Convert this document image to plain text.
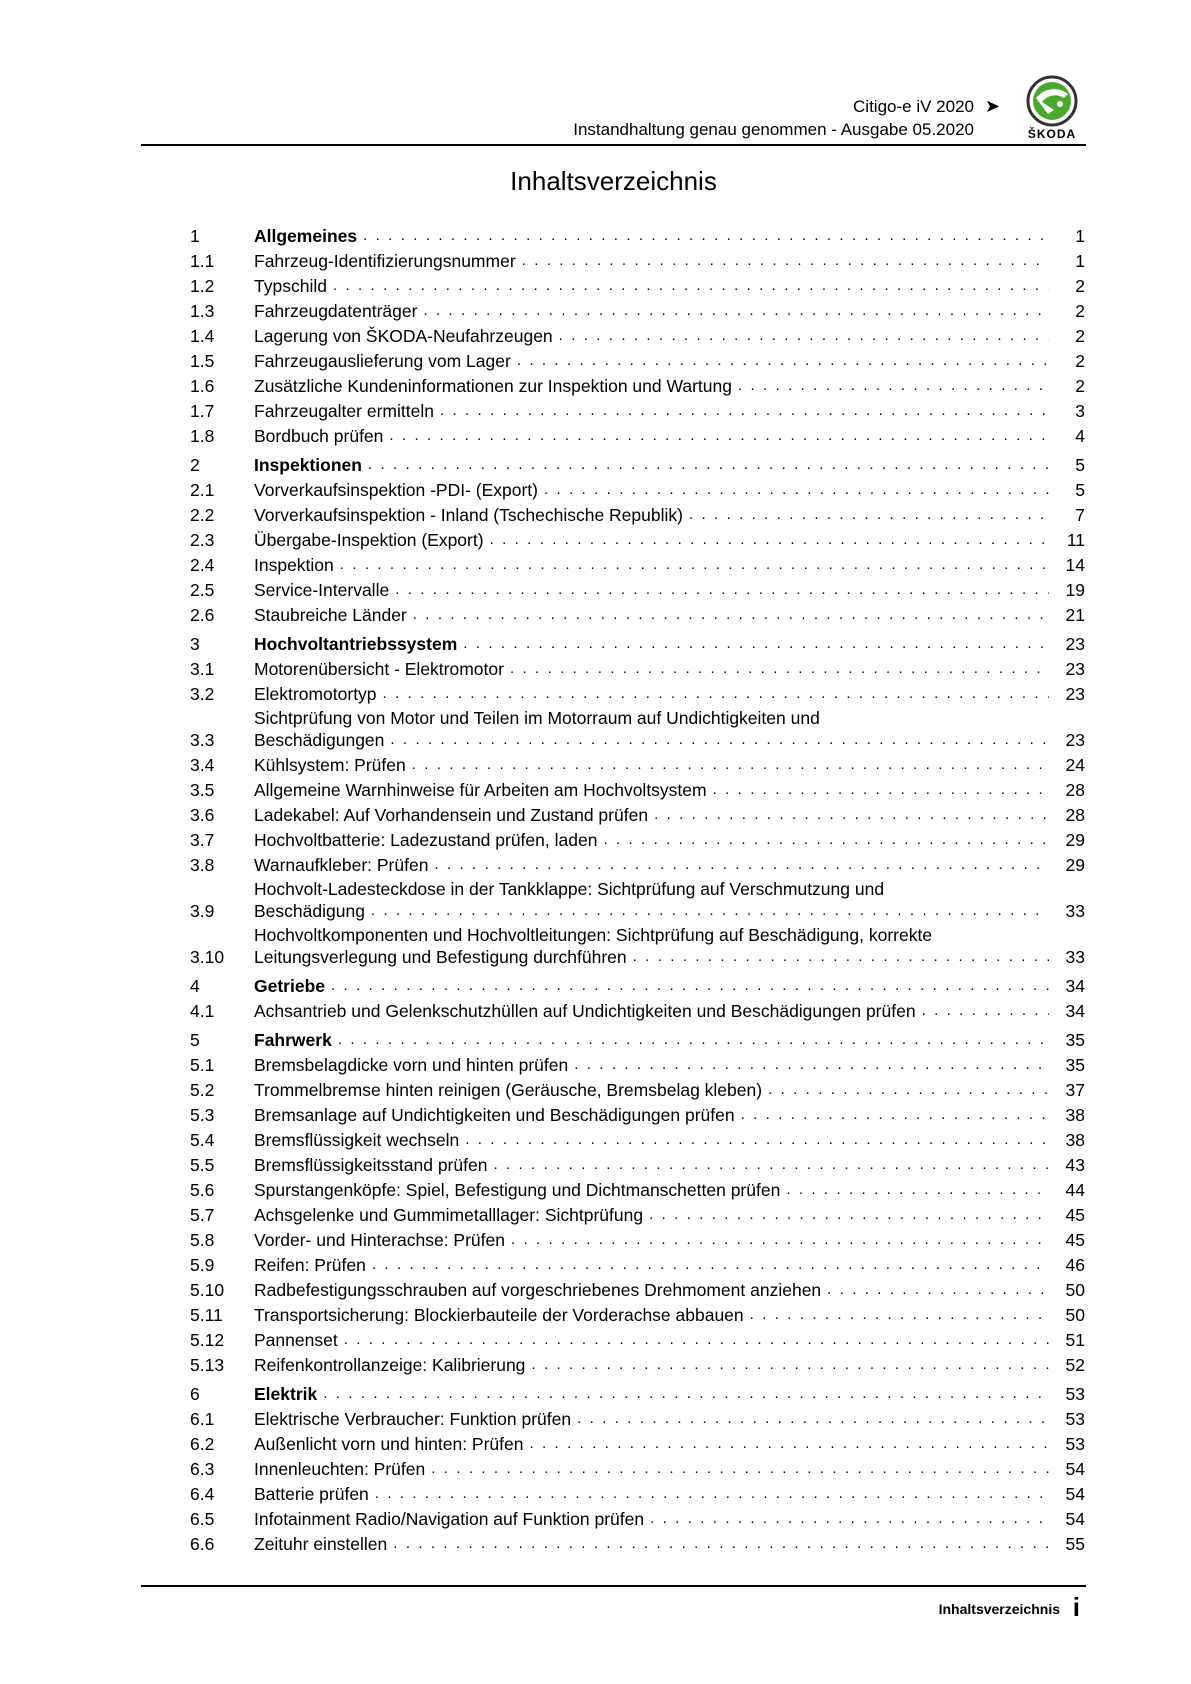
Citigo-e iV 2020 ➤
Instandhaltung genau genommen - Ausgabe 05.2020	ŠKODA
Inhaltsverzeichnis
1	Allgemeines . . .	1
1.1	Fahrzeug-Identifizierungsnummer . . .	1
1.2	Typschild . . .	2
1.3	Fahrzeugdatenträger . . .	2
1.4	Lagerung von ŠKODA-Neufahrzeugen . . .	2
1.5	Fahrzeugauslieferung vom Lager . . .	2
1.6	Zusätzliche Kundeninformationen zur Inspektion und Wartung . . .	2
1.7	Fahrzeugalter ermitteln . . .	3
1.8	Bordbuch prüfen . . .	4
2	Inspektionen . . .	5
2.1	Vorverkaufsinspektion -PDI- (Export) . . .	5
2.2	Vorverkaufsinspektion - Inland (Tschechische Republik) . . .	7
2.3	Übergabe-Inspektion (Export) . . .	11
2.4	Inspektion . . .	14
2.5	Service-Intervalle . . .	19
2.6	Staubreiche Länder . . .	21
3	Hochvoltantriebssystem . . .	23
3.1	Motorenübersicht - Elektromotor . . .	23
3.2	Elektromotortyp . . .	23
3.3
Sichtprüfung von Motor und Teilen im Motorraum auf Undichtigkeiten und
Beschädigungen . . .	23
3.4	Kühlsystem: Prüfen . . .	24
3.5	Allgemeine Warnhinweise für Arbeiten am Hochvoltsystem . . .	28
3.6	Ladekabel: Auf Vorhandensein und Zustand prüfen . . .	28
3.7	Hochvoltbatterie: Ladezustand prüfen, laden . . .	29
3.8	Warnaufkleber: Prüfen . . .	29
3.9
Hochvolt-Ladesteckdose in der Tankklappe: Sichtprüfung auf Verschmutzung und
Beschädigung . . .	33
3.10
Hochvoltkomponenten und Hochvoltleitungen: Sichtprüfung auf Beschädigung, korrekte
Leitungsverlegung und Befestigung durchführen . . .	33
4	Getriebe . . .	34
4.1	Achsantrieb und Gelenkschutzhüllen auf Undichtigkeiten und Beschädigungen prüfen . . .	34
5	Fahrwerk . . .	35
5.1	Bremsbelagdicke vorn und hinten prüfen . . .	35
5.2	Trommelbremse hinten reinigen (Geräusche, Bremsbelag kleben) . . .	37
5.3	Bremsanlage auf Undichtigkeiten und Beschädigungen prüfen . . .	38
5.4	Bremsflüssigkeit wechseln . . .	38
5.5	Bremsflüssigkeitsstand prüfen . . .	43
5.6	Spurstangenköpfe: Spiel, Befestigung und Dichtmanschetten prüfen . . .	44
5.7	Achsgelenke und Gummimetalllager: Sichtprüfung . . .	45
5.8	Vorder- und Hinterachse: Prüfen . . .	45
5.9	Reifen: Prüfen . . .	46
5.10	Radbefestigungsschrauben auf vorgeschriebenes Drehmoment anziehen . . .	50
5.11	Transportsicherung: Blockierbauteile der Vorderachse abbauen . . .	50
5.12	Pannenset . . .	51
5.13	Reifenkontrollanzeige: Kalibrierung . . .	52
6	Elektrik . . .	53
6.1	Elektrische Verbraucher: Funktion prüfen . . .	53
6.2	Außenlicht vorn und hinten: Prüfen . . .	53
6.3	Innenleuchten: Prüfen . . .	54
6.4	Batterie prüfen . . .	54
6.5	Infotainment Radio/Navigation auf Funktion prüfen . . .	54
6.6	Zeituhr einstellen . . .	55
Inhaltsverzeichnis i
